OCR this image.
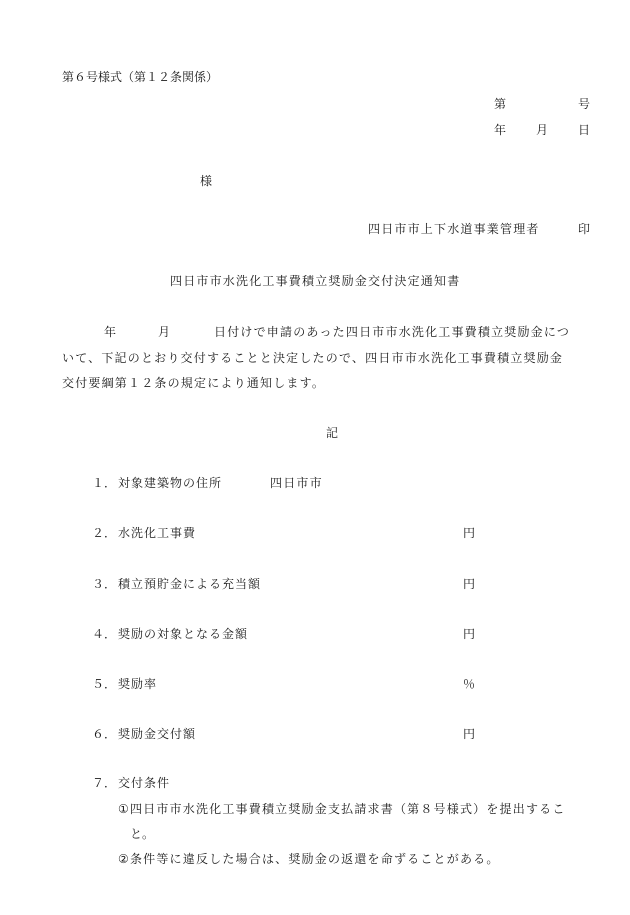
第６号様式（第１２条関係）
第	号
年 月 日
様
四日市市上下水道事業管理者	印
四日市市水洗化工事費積立奨励金交付決定通知書
年	月	日付けで申請のあった四日市市水洗化工事費積立奨励金につ
いて、下記のとおり交付することと決定したので、四日市市水洗化工事費積立奨励金
交付要綱第１２条の規定により通知します。
記
１． 対象建築物の住所	四日市市
２． 水洗化工事費	円
３． 積立預貯金による充当額	円
４． 奨励の対象となる金額	円
５． 奨励率	％
６． 奨励金交付額	円
７． 交付条件
①四日市市水洗化工事費積立奨励金支払請求書（第８号様式）を提出するこ
と。
②条件等に違反した場合は、奨励金の返還を命ずることがある。
